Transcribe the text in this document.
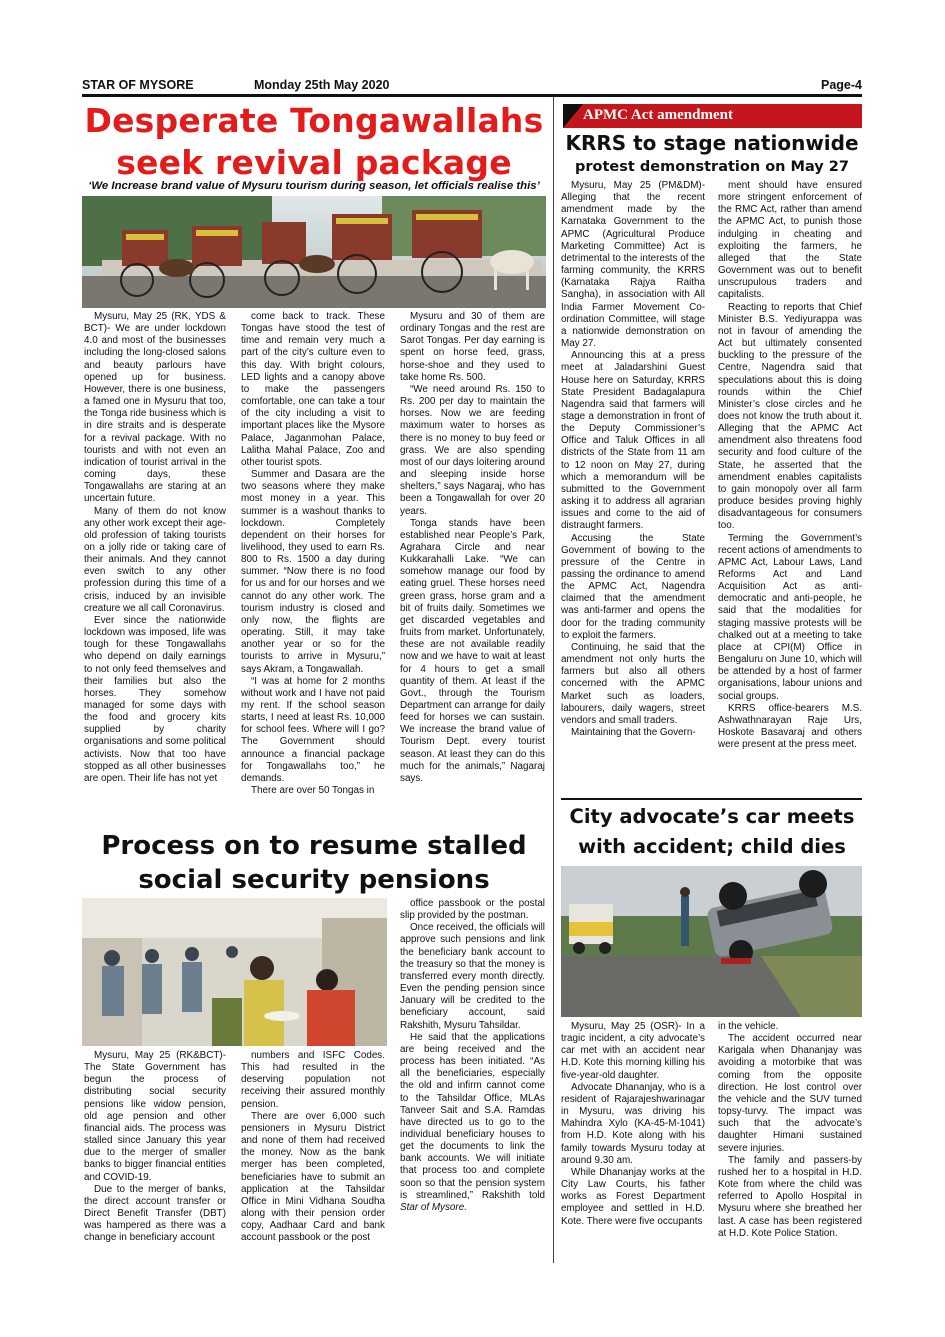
STAR OF MYSORE	Monday 25th May 2020	Page-4
Desperate Tongawallahs
seek revival package
‘We Increase brand value of Mysuru tourism during season, let officials realise this’

Mysuru, May 25 (RK, YDS & BCT)- We are under lockdown 4.0 and most of the businesses including the long-closed salons and beauty parlours have opened up for business. However, there is one business, a famed one in Mysuru that too, the Tonga ride business which is in dire straits and is desperate for a revival package. With no tourists and with not even an indication of tourist arrival in the coming days, these Tongawallahs are staring at an uncertain future.

Many of them do not know any other work except their age-old profession of taking tourists on a jolly ride or taking care of their animals. And they cannot even switch to any other profession during this time of a crisis, induced by an invisible creature we all call Coronavirus.

Ever since the nationwide lockdown was imposed, life was tough for these Tongawallahs who depend on daily earnings to not only feed themselves and their families but also the horses. They somehow managed for some days with the food and grocery kits supplied by charity organisations and some political activists. Now that too have stopped as all other businesses are open. Their life has not yet

come back to track. These Tongas have stood the test of time and remain very much a part of the city’s culture even to this day. With bright colours, LED lights and a canopy above to make the passengers comfortable, one can take a tour of the city including a visit to important places like the Mysore Palace, Jaganmohan Palace, Lalitha Mahal Palace, Zoo and other tourist spots.

Summer and Dasara are the two seasons where they make most money in a year. This summer is a washout thanks to lockdown. Completely dependent on their horses for livelihood, they used to earn Rs. 800 to Rs. 1500 a day during summer. “Now there is no food for us and for our horses and we cannot do any other work. The tourism industry is closed and only now, the flights are operating. Still, it may take another year or so for the tourists to arrive in Mysuru,” says Akram, a Tongawallah.

“I was at home for 2 months without work and I have not paid my rent. If the school season starts, I need at least Rs. 10,000 for school fees. Where will I go? The Government should announce a financial package for Tongawallahs too,” he demands.

There are over 50 Tongas in

Mysuru and 30 of them are ordinary Tongas and the rest are Sarot Tongas. Per day earning is spent on horse feed, grass, horse-shoe and they used to take home Rs. 500.

“We need around Rs. 150 to Rs. 200 per day to maintain the horses. Now we are feeding maximum water to horses as there is no money to buy feed or grass. We are also spending most of our days loitering around and sleeping inside horse shelters,” says Nagaraj, who has been a Tongawallah for over 20 years.

Tonga stands have been established near People’s Park, Agrahara Circle and near Kukkarahalli Lake. “We can somehow manage our food by eating gruel. These horses need green grass, horse gram and a bit of fruits daily. Sometimes we get discarded vegetables and fruits from market. Unfortunately, these are not available readily now and we have to wait at least for 4 hours to get a small quantity of them. At least if the Govt., through the Tourism Department can arrange for daily feed for horses we can sustain. We increase the brand value of Tourism Dept. every tourist season. At least they can do this much for the animals,” Nagaraj says.

Process on to resume stalled
social security pensions

Mysuru, May 25 (RK&BCT)- The State Government has begun the process of distributing social security pensions like widow pension, old age pension and other financial aids. The process was stalled since January this year due to the merger of smaller banks to bigger financial entities and COVID-19.

Due to the merger of banks, the direct account transfer or Direct Benefit Transfer (DBT) was hampered as there was a change in beneficiary account

numbers and ISFC Codes. This had resulted in the deserving population not receiving their assured monthly pension.

There are over 6,000 such pensioners in Mysuru District and none of them had received the money. Now as the bank merger has been completed, beneficiaries have to submit an application at the Tahsildar Office in Mini Vidhana Soudha along with their pension order copy, Aadhaar Card and bank account passbook or the post

office passbook or the postal slip provided by the postman.

Once received, the officials will approve such pensions and link the beneficiary bank account to the treasury so that the money is transferred every month directly. Even the pending pension since January will be credited to the beneficiary account, said Rakshith, Mysuru Tahsildar.

He said that the applications are being received and the process has been initiated. “As all the beneficiaries, especially the old and infirm cannot come to the Tahsildar Office, MLAs Tanveer Sait and S.A. Ramdas have directed us to go to the individual beneficiary houses to get the documents to link the bank accounts. We will initiate that process too and complete soon so that the pension system is streamlined,” Rakshith told Star of Mysore.

APMC Act amendment
KRRS to stage nationwide
protest demonstration on May 27

Mysuru, May 25 (PM&DM)- Alleging that the recent amendment made by the Karnataka Government to the APMC (Agricultural Produce Marketing Committee) Act is detrimental to the interests of the farming community, the KRRS (Karnataka Rajya Raitha Sangha), in association with All India Farmer Movement Co-ordination Committee, will stage a nationwide demonstration on May 27.

Announcing this at a press meet at Jaladarshini Guest House here on Saturday, KRRS State President Badagalapura Nagendra said that farmers will stage a demonstration in front of the Deputy Commissioner’s Office and Taluk Offices in all districts of the State from 11 am to 12 noon on May 27, during which a memorandum will be submitted to the Government asking it to address all agrarian issues and come to the aid of distraught farmers.

Accusing the State Government of bowing to the pressure of the Centre in passing the ordinance to amend the APMC Act, Nagendra claimed that the amendment was anti-farmer and opens the door for the trading community to exploit the farmers.

Continuing, he said that the amendment not only hurts the farmers but also all others concerned with the APMC Market such as loaders, labourers, daily wagers, street vendors and small traders.

Maintaining that the Govern-

ment should have ensured more stringent enforcement of the RMC Act, rather than amend the APMC Act, to punish those indulging in cheating and exploiting the farmers, he alleged that the State Government was out to benefit unscrupulous traders and capitalists.

Reacting to reports that Chief Minister B.S. Yediyurappa was not in favour of amending the Act but ultimately consented buckling to the pressure of the Centre, Nagendra said that speculations about this is doing rounds within the Chief Minister’s close circles and he does not know the truth about it. Alleging that the APMC Act amendment also threatens food security and food culture of the State, he asserted that the amendment enables capitalists to gain monopoly over all farm produce besides proving highly disadvantageous for consumers too.

Terming the Government’s recent actions of amendments to APMC Act, Labour Laws, Land Reforms Act and Land Acquisition Act as anti-democratic and anti-people, he said that the modalities for staging massive protests will be chalked out at a meeting to take place at CPI(M) Office in Bengaluru on June 10, which will be attended by a host of farmer organisations, labour unions and social groups.

KRRS office-bearers M.S. Ashwathnarayan Raje Urs, Hoskote Basavaraj and others were present at the press meet.

City advocate’s car meets
with accident; child dies

Mysuru, May 25 (OSR)- In a tragic incident, a city advocate’s car met with an accident near H.D. Kote this morning killing his five-year-old daughter.

Advocate Dhananjay, who is a resident of Rajarajeshwarinagar in Mysuru, was driving his Mahindra Xylo (KA-45-M-1041) from H.D. Kote along with his family towards Mysuru today at around 9.30 am.

While Dhananjay works at the City Law Courts, his father works as Forest Department employee and settled in H.D. Kote. There were five occupants

in the vehicle.

The accident occurred near Karigala when Dhananjay was avoiding a motorbike that was coming from the opposite direction. He lost control over the vehicle and the SUV turned topsy-turvy. The impact was such that the advocate’s daughter Himani sustained severe injuries.

The family and passers-by rushed her to a hospital in H.D. Kote from where the child was referred to Apollo Hospital in Mysuru where she breathed her last. A case has been registered at H.D. Kote Police Station.
